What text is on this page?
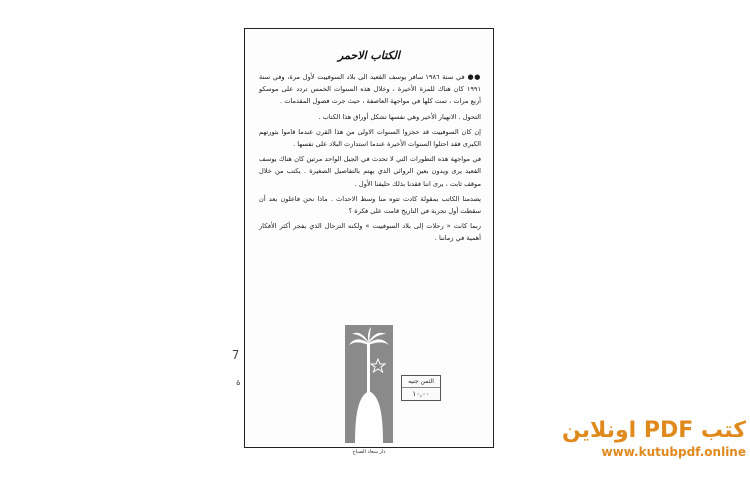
الكتاب الاحمر

●● في سنة ١٩٨٦ سافر يوسف القعيد الى بلاد السوفييت لأول مرة، وفي سنة ١٩٩١ كان هناك للمرة الأخيرة ، وخلال هذه السنوات الخمس تردد على موسكو أربع مرات ، تمت كلها في مواجهة العاصفة ، حيث جرت فصول المقدمات .

التحول . الانهيار الأخير وهي نفسها تشكل أوراق هذا الكتاب .

إن كان السوفييت قد حجزوا السنوات الاولى من هذا القرن عندما قاموا بثورتهم الكبرى فقد احتلوا السنوات الأخيرة عندما استدارت البلاد على نفسها .

في مواجهة هذه التطورات التي لا تحدث في الجيل الواحد مرتين كان هناك يوسف القعيد يرى ويدون بعين الروائي الذي يهتم بالتفاصيل الصغيرة . يكتب من خلال موقف ثابت ، يرى اننا فقدنا بذلك حليفنا الأول .

يصدمنا الكاتب بمقولة كادت تتوه منا وسط الاحداث . ماذا نحن فاعلون بعد أن سقطت أول تجربة في التاريخ قامت على فكرة ؟

ربما كانت « رحلات إلى بلاد السوفييت » ولكنه الترحال الذي يفجر أكثر الأفكار أهمية في زماننا .

الثمن جنيه
١٠,٠٠
دار سعاد الصباح
7
ة
كتب PDF اونلاين
www.kutubpdf.online
